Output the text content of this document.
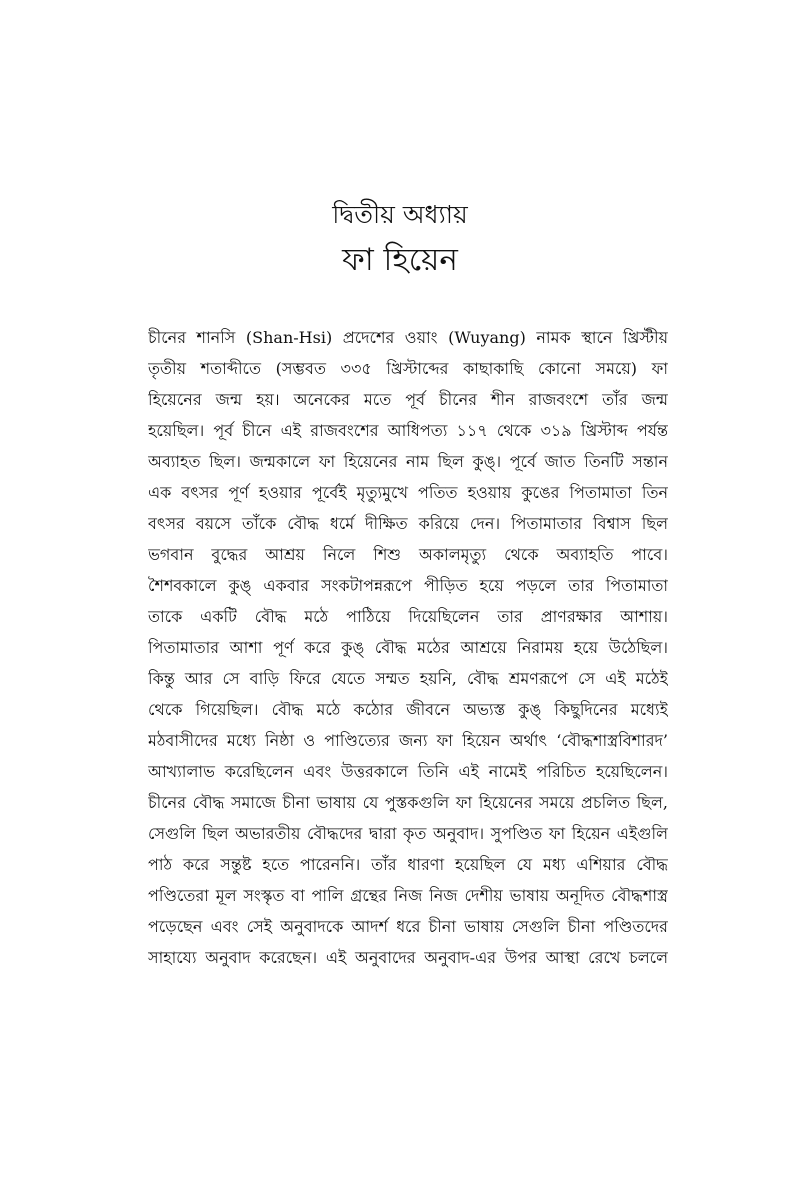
দ্বিতীয় অধ্যায়
ফা হিয়েন
চীনের শানসি (Shan-Hsi) প্রদেশের ওয়াং (Wuyang) নামক স্থানে খ্রিস্টীয়
তৃতীয় শতাব্দীতে (সম্ভবত ৩৩৫ খ্রিস্টাব্দের কাছাকাছি কোনো সময়ে) ফা
হিয়েনের জন্ম হয়। অনেকের মতে পূর্ব চীনের শীন রাজবংশে তাঁর জন্ম
হয়েছিল। পূর্ব চীনে এই রাজবংশের আধিপত্য ১১৭ থেকে ৩১৯ খ্রিস্টাব্দ পর্যন্ত
অব্যাহত ছিল। জন্মকালে ফা হিয়েনের নাম ছিল কুঙ্। পূর্বে জাত তিনটি সন্তান
এক বৎসর পূর্ণ হওয়ার পূর্বেই মৃত্যুমুখে পতিত হওয়ায় কুঙের পিতামাতা তিন
বৎসর বয়সে তাঁকে বৌদ্ধ ধর্মে দীক্ষিত করিয়ে দেন। পিতামাতার বিশ্বাস ছিল
ভগবান বুদ্ধের আশ্রয় নিলে শিশু অকালমৃত্যু থেকে অব্যাহতি পাবে।
শৈশবকালে কুঙ্ একবার সংকটাপন্নরূপে পীড়িত হয়ে পড়লে তার পিতামাতা
তাকে একটি বৌদ্ধ মঠে পাঠিয়ে দিয়েছিলেন তার প্রাণরক্ষার আশায়।
পিতামাতার আশা পূর্ণ করে কুঙ্ বৌদ্ধ মঠের আশ্রয়ে নিরাময় হয়ে উঠেছিল।
কিন্তু আর সে বাড়ি ফিরে যেতে সম্মত হয়নি, বৌদ্ধ শ্রমণরূপে সে এই মঠেই
থেকে গিয়েছিল। বৌদ্ধ মঠে কঠোর জীবনে অভ্যস্ত কুঙ্ কিছুদিনের মধ্যেই
মঠবাসীদের মধ্যে নিষ্ঠা ও পাণ্ডিত্যের জন্য ফা হিয়েন অর্থাৎ ‘বৌদ্ধশাস্ত্রবিশারদ’
আখ্যালাভ করেছিলেন এবং উত্তরকালে তিনি এই নামেই পরিচিত হয়েছিলেন।
চীনের বৌদ্ধ সমাজে চীনা ভাষায় যে পুস্তকগুলি ফা হিয়েনের সময়ে প্রচলিত ছিল,
সেগুলি ছিল অভারতীয় বৌদ্ধদের দ্বারা কৃত অনুবাদ। সুপণ্ডিত ফা হিয়েন এইগুলি
পাঠ করে সন্তুষ্ট হতে পারেননি। তাঁর ধারণা হয়েছিল যে মধ্য এশিয়ার বৌদ্ধ
পণ্ডিতেরা মূল সংস্কৃত বা পালি গ্রন্থের নিজ নিজ দেশীয় ভাষায় অনূদিত বৌদ্ধশাস্ত্র
পড়েছেন এবং সেই অনুবাদকে আদর্শ ধরে চীনা ভাষায় সেগুলি চীনা পণ্ডিতদের
সাহায্যে অনুবাদ করেছেন। এই অনুবাদের অনুবাদ-এর উপর আস্থা রেখে চললে
